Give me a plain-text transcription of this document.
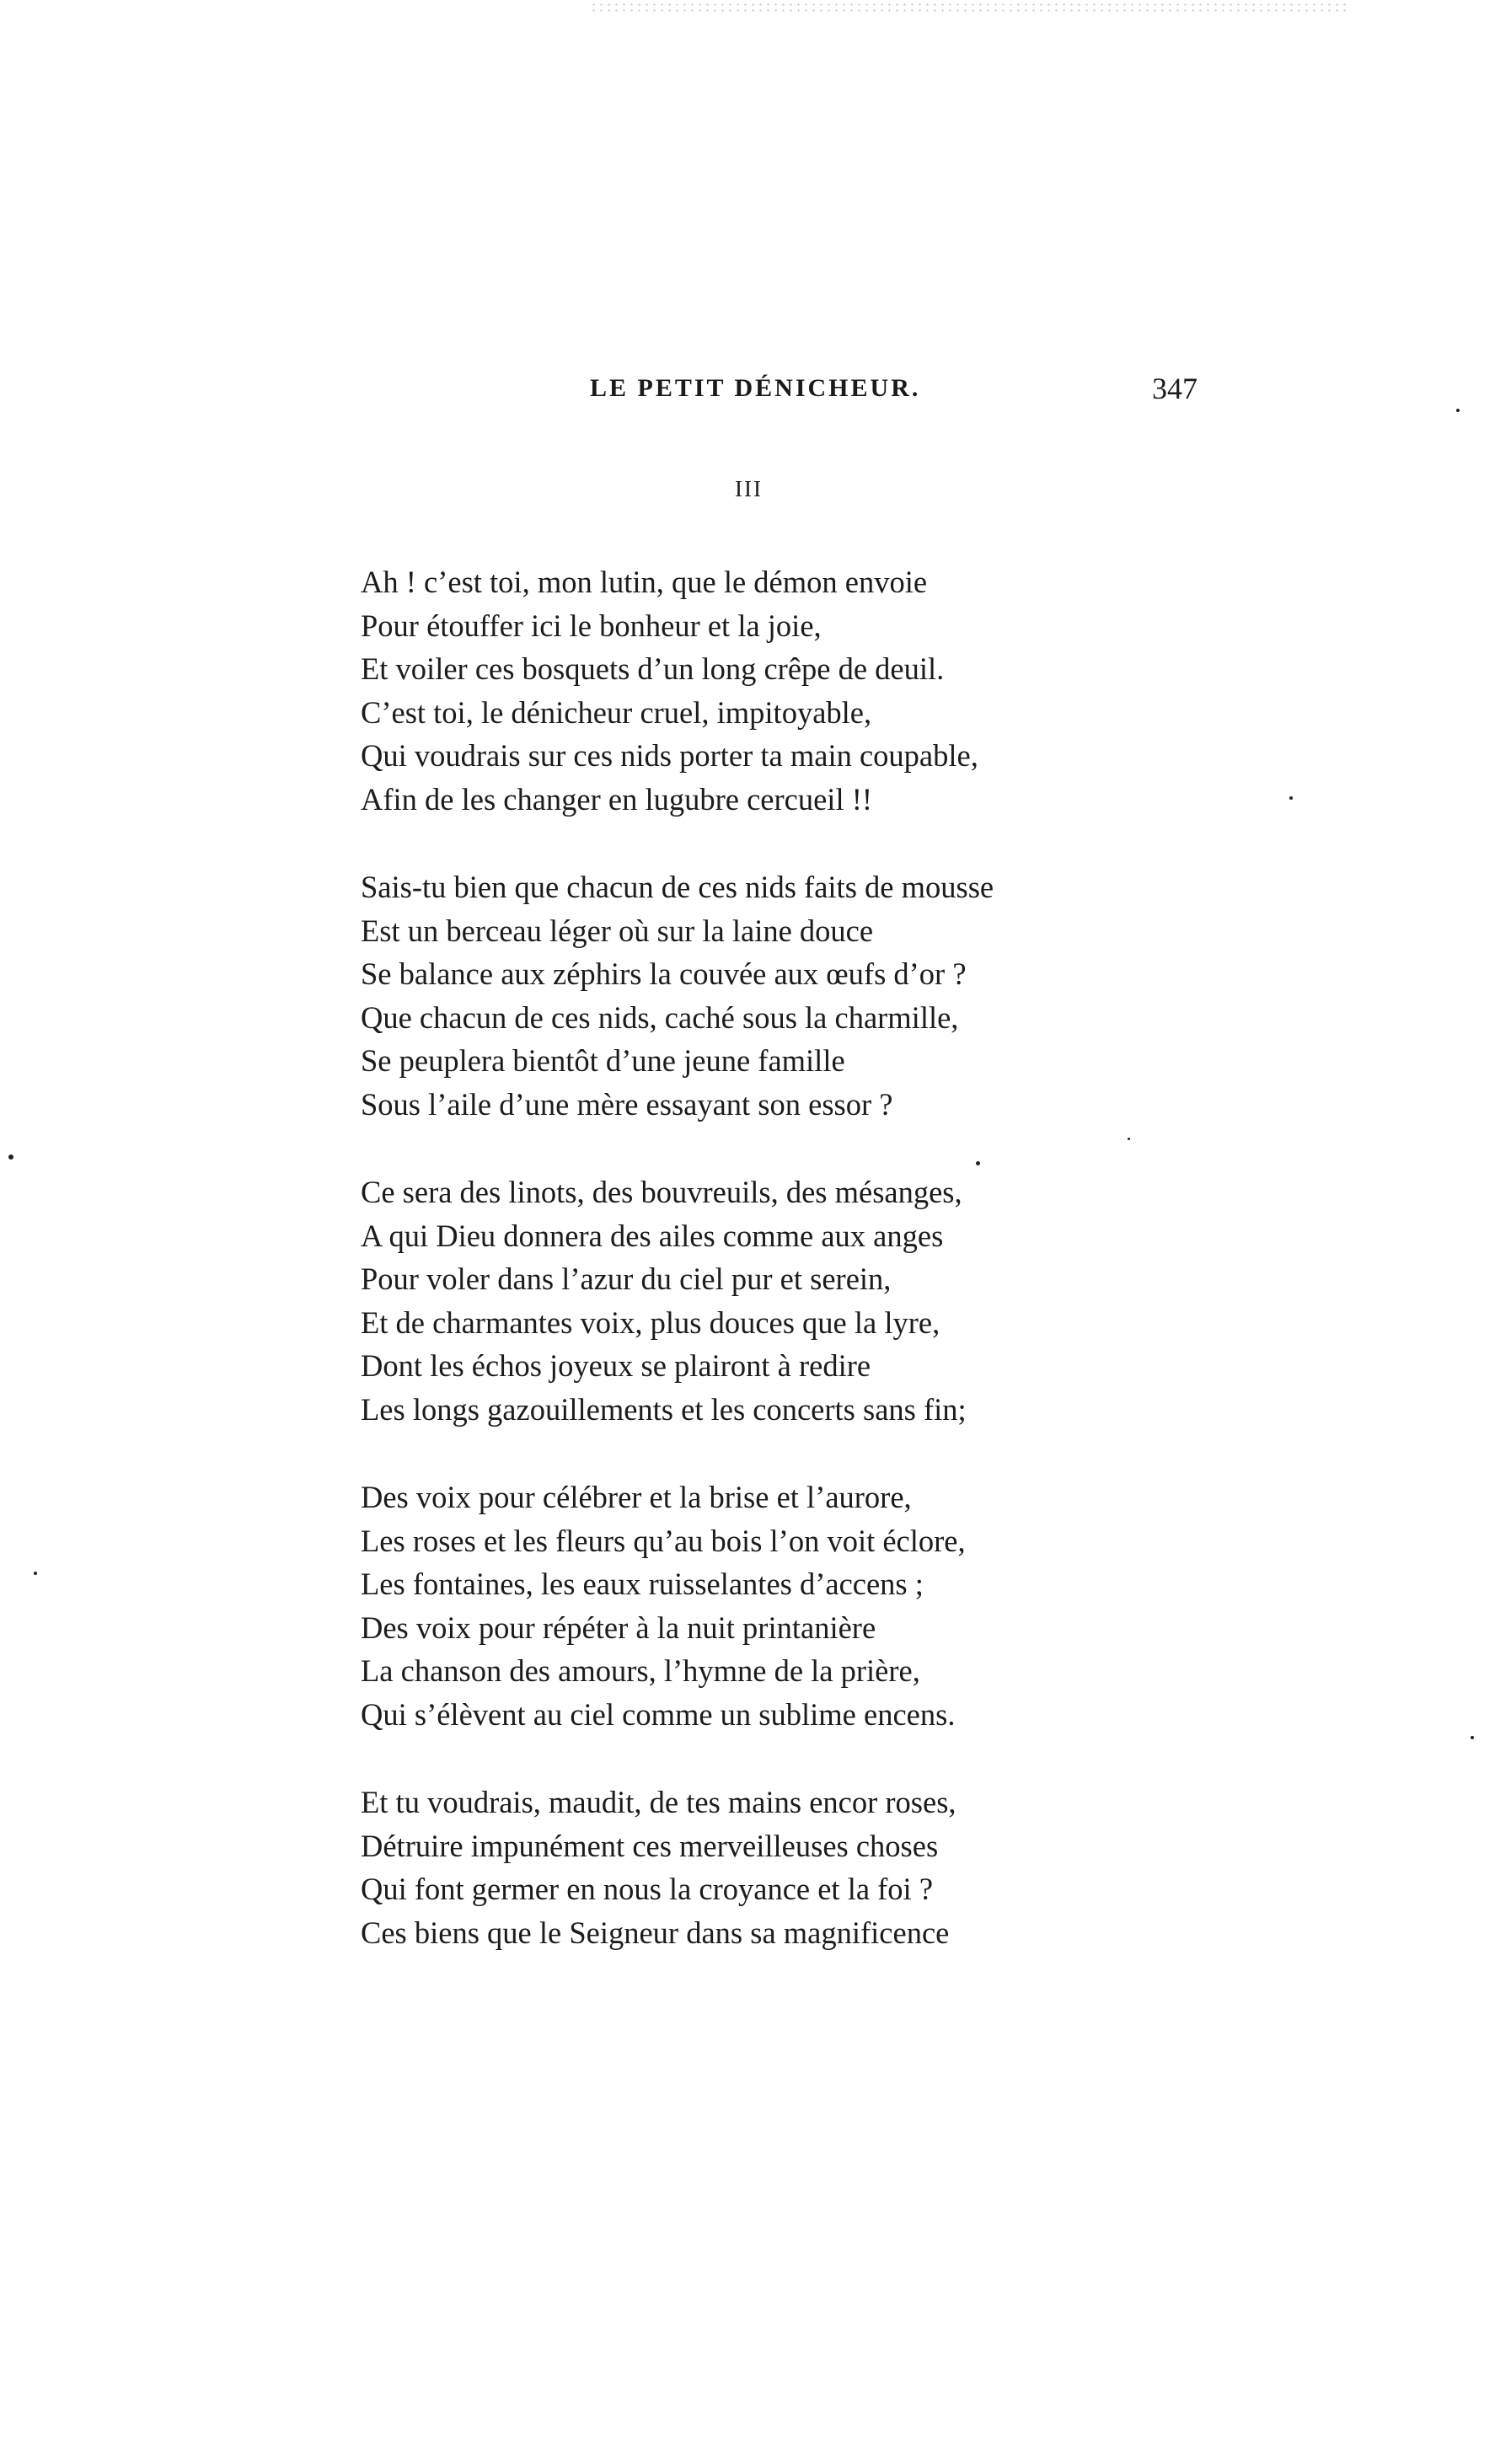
LE PETIT DÉNICHEUR.	347
III
Ah ! c’est toi, mon lutin, que le démon envoie
Pour étouffer ici le bonheur et la joie,
Et voiler ces bosquets d’un long crêpe de deuil.
C’est toi, le dénicheur cruel, impitoyable,
Qui voudrais sur ces nids porter ta main coupable,
Afin de les changer en lugubre cercueil !!
Sais-tu bien que chacun de ces nids faits de mousse
Est un berceau léger où sur la laine douce
Se balance aux zéphirs la couvée aux œufs d’or ?
Que chacun de ces nids, caché sous la charmille,
Se peuplera bientôt d’une jeune famille
Sous l’aile d’une mère essayant son essor ?
Ce sera des linots, des bouvreuils, des mésanges,
A qui Dieu donnera des ailes comme aux anges
Pour voler dans l’azur du ciel pur et serein,
Et de charmantes voix, plus douces que la lyre,
Dont les échos joyeux se plairont à redire
Les longs gazouillements et les concerts sans fin;
Des voix pour célébrer et la brise et l’aurore,
Les roses et les fleurs qu’au bois l’on voit éclore,
Les fontaines, les eaux ruisselantes d’accens ;
Des voix pour répéter à la nuit printanière
La chanson des amours, l’hymne de la prière,
Qui s’élèvent au ciel comme un sublime encens.
Et tu voudrais, maudit, de tes mains encor roses,
Détruire impunément ces merveilleuses choses
Qui font germer en nous la croyance et la foi ?
Ces biens que le Seigneur dans sa magnificence
